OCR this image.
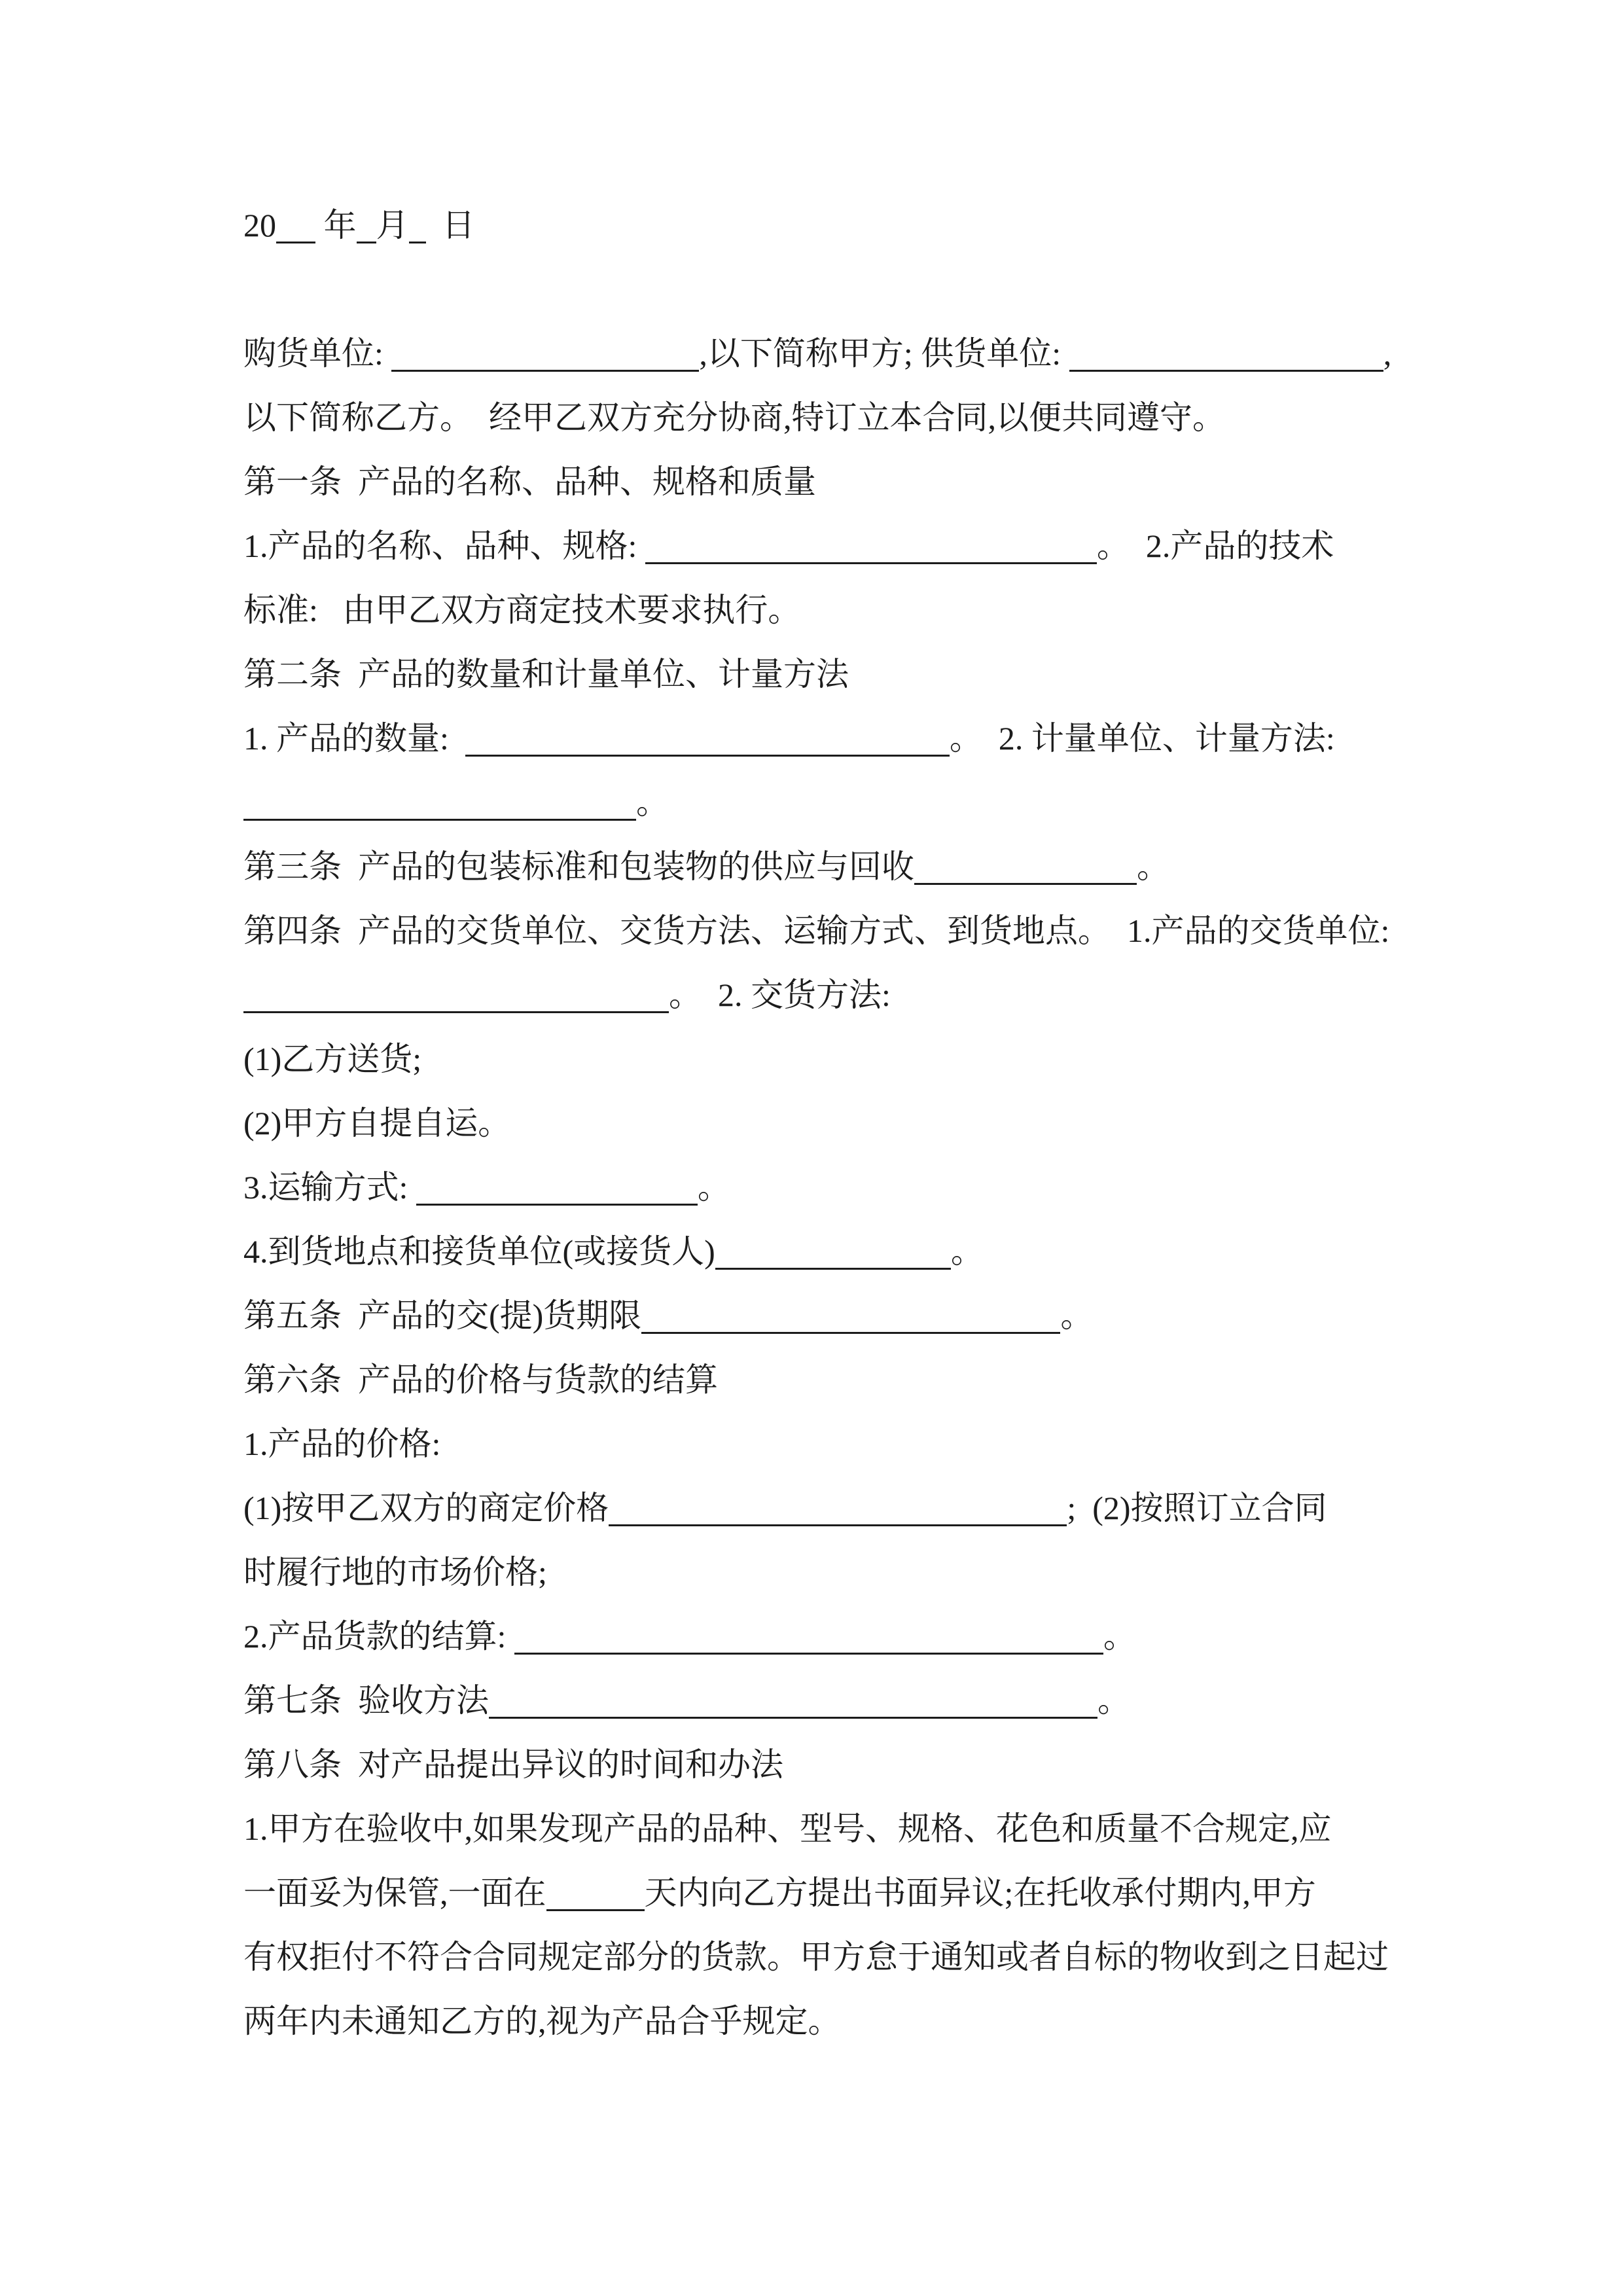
20 年 月  日
购货单位:	,以下简称甲方; 供货单位:	,
以下简称乙方。  经甲乙双方充分协商,特订立本合同,以便共同遵守。
第一条  产品的名称、品种、规格和质量
1.产品的名称、品种、规格:	。  2.产品的技术
标准:   由甲乙双方商定技术要求执行。
第二条  产品的数量和计量单位、计量方法
1. 产品的数量:	。  2. 计量单位、计量方法:
。
第三条  产品的包装标准和包装物的供应与回收	。
第四条  产品的交货单位、交货方法、运输方式、到货地点。  1.产品的交货单位:
。  2. 交货方法:
(1)乙方送货;
(2)甲方自提自运。
3.运输方式:	。
4.到货地点和接货单位(或接货人)	。
第五条  产品的交(提)货期限	。
第六条  产品的价格与货款的结算
1.产品的价格:
(1)按甲乙双方的商定价格	;  (2)按照订立合同
时履行地的市场价格;
2.产品货款的结算:	。
第七条  验收方法	。
第八条  对产品提出异议的时间和办法
1.甲方在验收中,如果发现产品的品种、型号、规格、花色和质量不合规定,应
一面妥为保管,一面在	天内向乙方提出书面异议;在托收承付期内,甲方
有权拒付不符合合同规定部分的货款。甲方怠于通知或者自标的物收到之日起过
两年内未通知乙方的,视为产品合乎规定。
